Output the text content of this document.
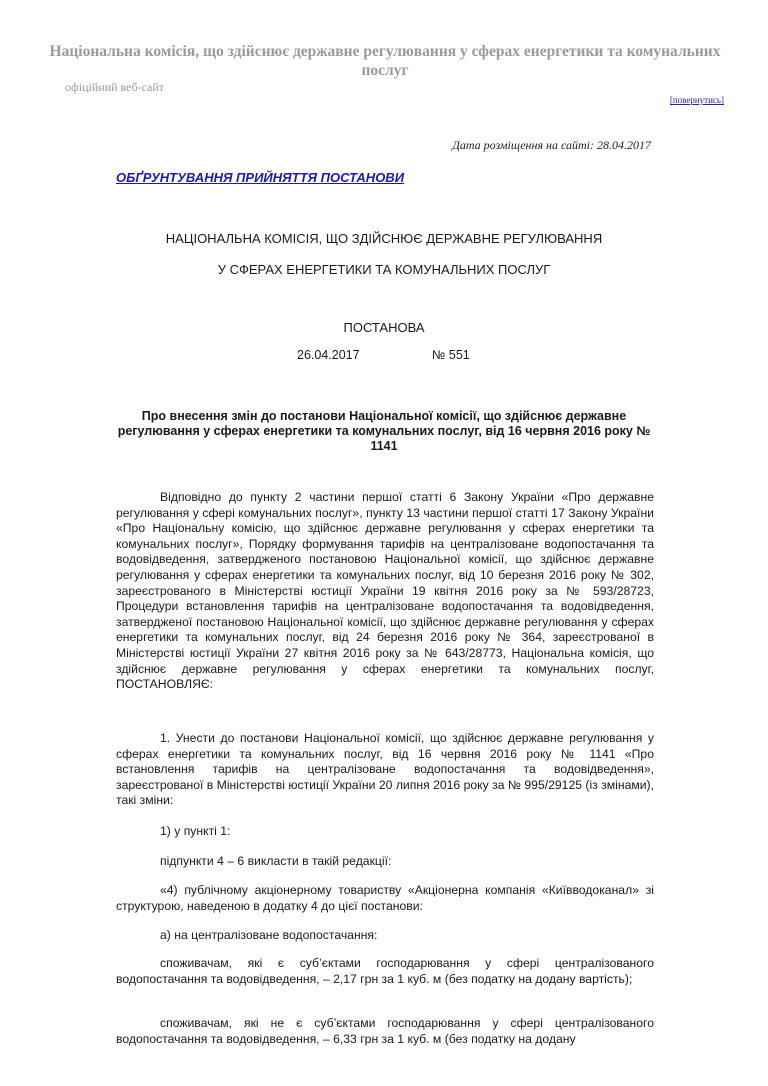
Національна комісія, що здійснює державне регулювання у сферах енергетики та комунальних послуг
офіційний веб-сайт
[повернутись]
Дата розміщення на сайті: 28.04.2017
ОБҐРУНТУВАННЯ ПРИЙНЯТТЯ ПОСТАНОВИ
НАЦІОНАЛЬНА КОМІСІЯ, ЩО ЗДІЙСНЮЄ ДЕРЖАВНЕ РЕГУЛЮВАННЯ
У СФЕРАХ ЕНЕРГЕТИКИ ТА КОМУНАЛЬНИХ ПОСЛУГ
ПОСТАНОВА
26.04.2017	№ 551
Про внесення змін до постанови Національної комісії, що здійснює державне регулювання у сферах енергетики та комунальних послуг, від 16 червня 2016 року № 1141

Відповідно до пункту 2 частини першої статті 6 Закону України «Про державне регулювання у сфері комунальних послуг», пункту 13 частини першої статті 17 Закону України «Про Національну комісію, що здійснює державне регулювання у сферах енергетики та комунальних послуг», Порядку формування тарифів на централізоване водопостачання та водовідведення, затвердженого постановою Національної комісії, що здійснює державне регулювання у сферах енергетики та комунальних послуг, від 10 березня 2016 року № 302, зареєстрованого в Міністерстві юстиції України 19 квітня 2016 року за № 593/28723, Процедури встановлення тарифів на централізоване водопостачання та водовідведення, затвердженої постановою Національної комісії, що здійснює державне регулювання у сферах енергетики та комунальних послуг, від 24 березня 2016 року № 364, зареєстрованої в Міністерстві юстиції України 27 квітня 2016 року за № 643/28773, Національна комісія, що здійснює державне регулювання у сферах енергетики та комунальних послуг, ПОСТАНОВЛЯЄ:

1. Унести до постанови Національної комісії, що здійснює державне регулювання у сферах енергетики та комунальних послуг, від 16 червня 2016 року № 1141 «Про встановлення тарифів на централізоване водопостачання та водовідведення», зареєстрованої в Міністерстві юстиції України 20 липня 2016 року за № 995/29125 (із змінами), такі зміни:

1) у пункті 1:

підпункти 4 – 6 викласти в такій редакції:

«4) публічному акціонерному товариству «Акціонерна компанія «Київводоканал» зі структурою, наведеною в додатку 4 до цієї постанови:

а) на централізоване водопостачання:

споживачам, які є суб’єктами господарювання у сфері централізованого водопостачання та водовідведення, – 2,17 грн за 1 куб. м (без податку на додану вартість);

споживачам, які не є суб’єктами господарювання у сфері централізованого водопостачання та водовідведення, – 6,33 грн за 1 куб. м (без податку на додану
